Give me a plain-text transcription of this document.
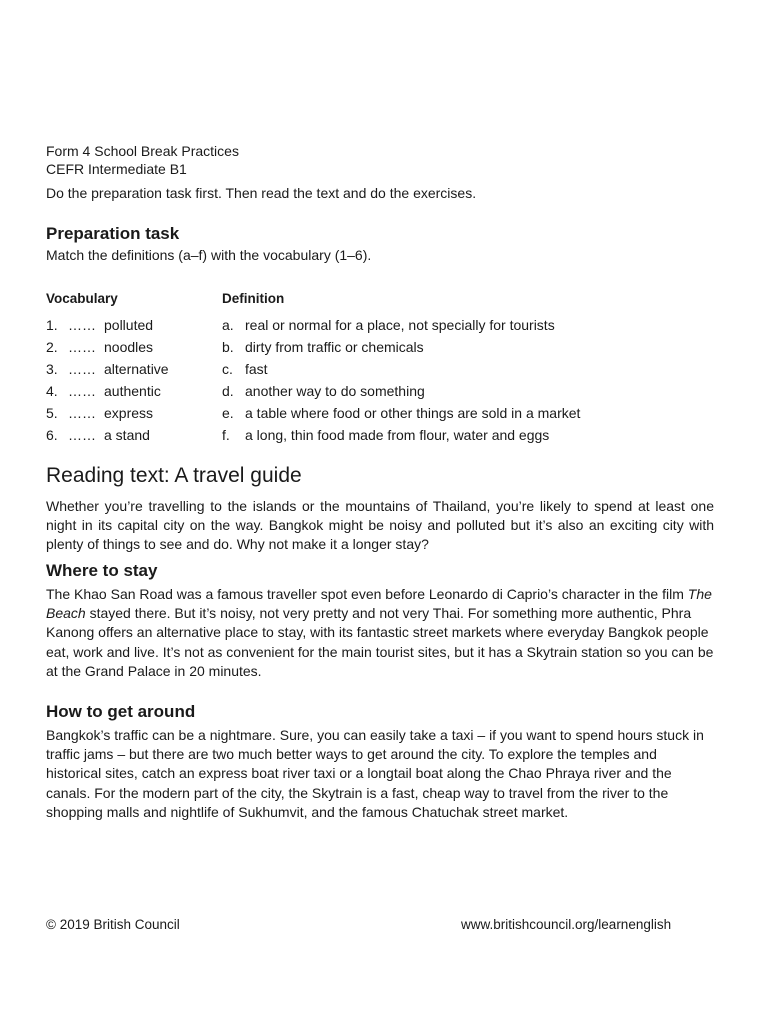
Form 4 School Break Practices
CEFR Intermediate B1
Do the preparation task first. Then read the text and do the exercises.
Preparation task
Match the definitions (a–f) with the vocabulary (1–6).
Vocabulary	Definition
1. …… polluted
2. …… noodles
3. …… alternative
4. …… authentic
5. …… express
6. …… a stand
a. real or normal for a place, not specially for tourists
b. dirty from traffic or chemicals
c. fast
d. another way to do something
e. a table where food or other things are sold in a market
f. a long, thin food made from flour, water and eggs
Reading text: A travel guide
Whether you’re travelling to the islands or the mountains of Thailand, you’re likely to spend at least one night in its capital city on the way. Bangkok might be noisy and polluted but it’s also an exciting city with plenty of things to see and do. Why not make it a longer stay?
Where to stay
The Khao San Road was a famous traveller spot even before Leonardo di Caprio’s character in the film The Beach stayed there. But it’s noisy, not very pretty and not very Thai. For something more authentic, Phra Kanong offers an alternative place to stay, with its fantastic street markets where everyday Bangkok people eat, work and live. It’s not as convenient for the main tourist sites, but it has a Skytrain station so you can be at the Grand Palace in 20 minutes.
How to get around
Bangkok’s traffic can be a nightmare. Sure, you can easily take a taxi – if you want to spend hours stuck in traffic jams – but there are two much better ways to get around the city. To explore the temples and historical sites, catch an express boat river taxi or a longtail boat along the Chao Phraya river and the canals. For the modern part of the city, the Skytrain is a fast, cheap way to travel from the river to the shopping malls and nightlife of Sukhumvit, and the famous Chatuchak street market.
© 2019 British Council	www.britishcouncil.org/learnenglish
